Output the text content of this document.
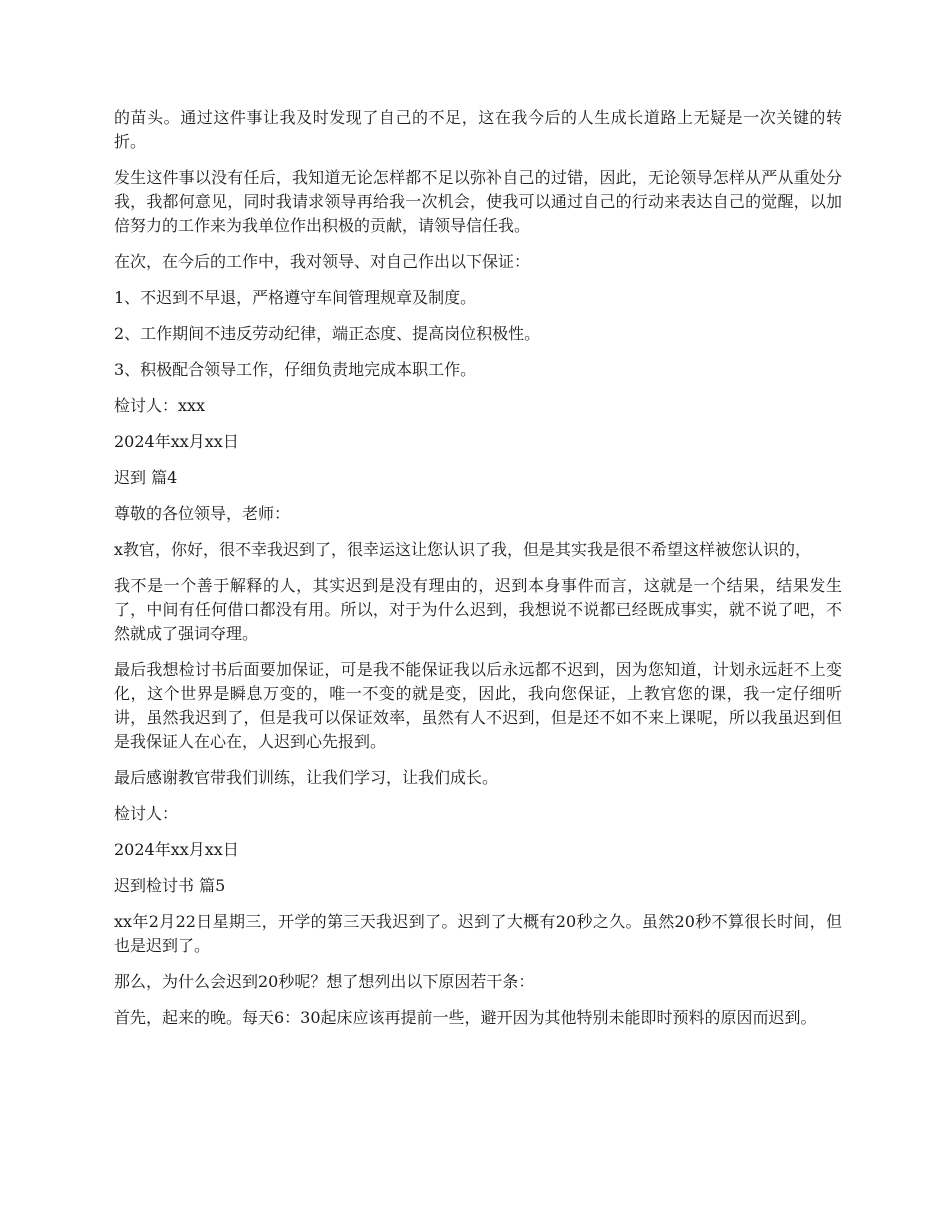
的苗头。通过这件事让我及时发现了自己的不足，这在我今后的人生成长道路上无疑是一次关键的转折。

发生这件事以没有任后，我知道无论怎样都不足以弥补自己的过错，因此，无论领导怎样从严从重处分我，我都何意见，同时我请求领导再给我一次机会，使我可以通过自己的行动来表达自己的觉醒，以加倍努力的工作来为我单位作出积极的贡献，请领导信任我。

在次，在今后的工作中，我对领导、对自己作出以下保证：

1、不迟到不早退，严格遵守车间管理规章及制度。

2、工作期间不违反劳动纪律，端正态度、提高岗位积极性。

3、积极配合领导工作，仔细负责地完成本职工作。

检讨人：xxx

2024年xx月xx日

迟到 篇4

尊敬的各位领导，老师：

x教官，你好，很不幸我迟到了，很幸运这让您认识了我，但是其实我是很不希望这样被您认识的，

我不是一个善于解释的人，其实迟到是没有理由的，迟到本身事件而言，这就是一个结果，结果发生了，中间有任何借口都没有用。所以，对于为什么迟到，我想说不说都已经既成事实，就不说了吧，不然就成了强词夺理。

最后我想检讨书后面要加保证，可是我不能保证我以后永远都不迟到，因为您知道，计划永远赶不上变化，这个世界是瞬息万变的，唯一不变的就是变，因此，我向您保证，上教官您的课，我一定仔细听讲，虽然我迟到了，但是我可以保证效率，虽然有人不迟到，但是还不如不来上课呢，所以我虽迟到但是我保证人在心在，人迟到心先报到。

最后感谢教官带我们训练，让我们学习，让我们成长。

检讨人：

2024年xx月xx日

迟到检讨书 篇5

xx年2月22日星期三，开学的第三天我迟到了。迟到了大概有20秒之久。虽然20秒不算很长时间，但也是迟到了。

那么，为什么会迟到20秒呢？想了想列出以下原因若干条：

首先，起来的晚。每天6：30起床应该再提前一些，避开因为其他特别未能即时预料的原因而迟到。
